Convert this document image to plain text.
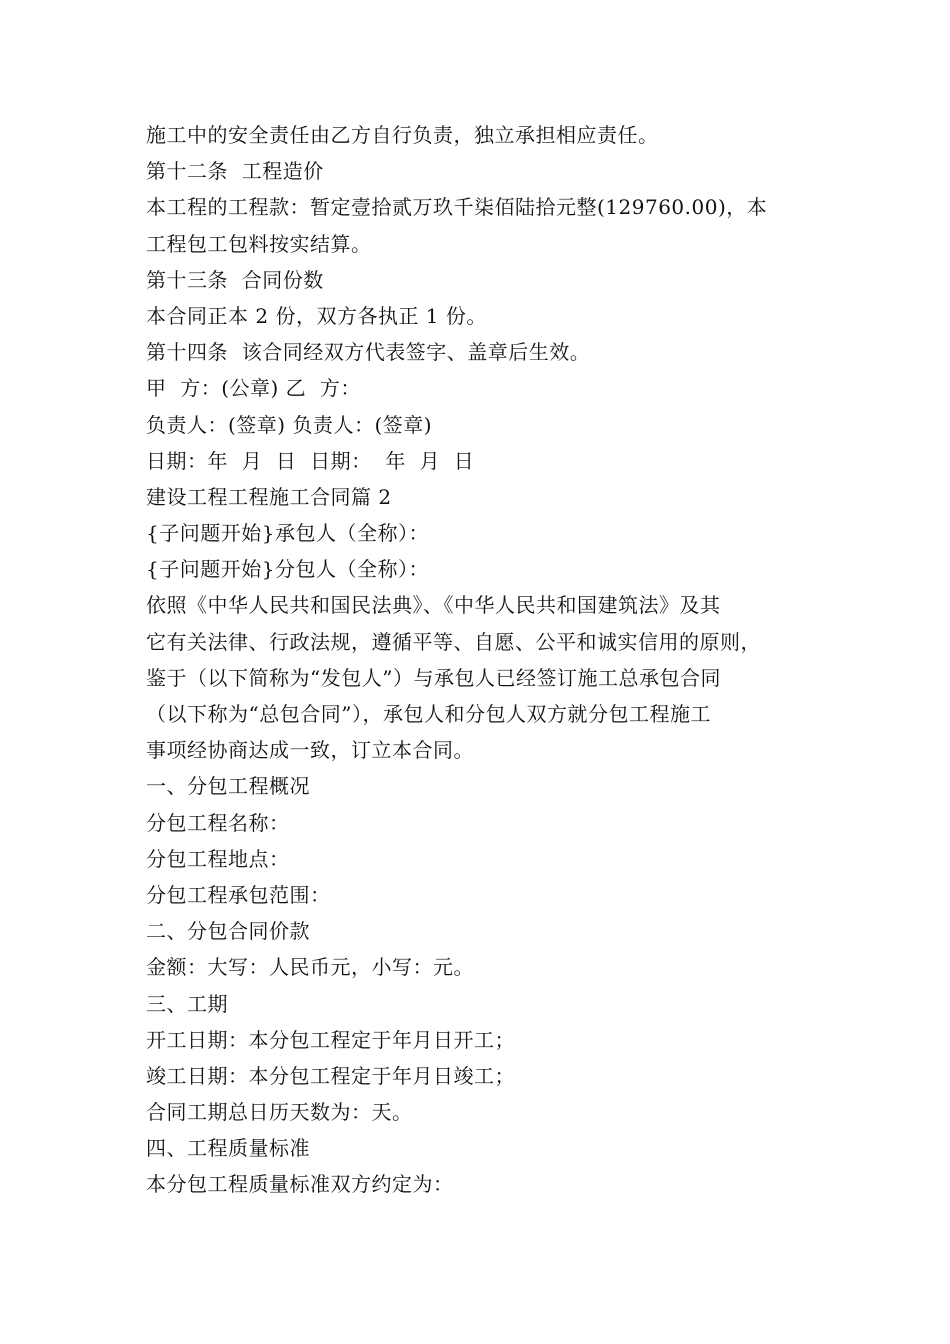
施工中的安全责任由乙方自行负责，独立承担相应责任。
第十二条  工程造价
本工程的工程款：暂定壹拾贰万玖千柒佰陆拾元整(129760.00)，本
工程包工包料按实结算。
第十三条  合同份数
本合同正本 2 份，双方各执正 1 份。
第十四条  该合同经双方代表签字、盖章后生效。
甲  方：(公章) 乙  方：
负责人：(签章) 负责人：(签章)
日期：年  月  日  日期：  年  月  日
建设工程工程施工合同篇 2
{子问题开始}承包人（全称）：
{子问题开始}分包人（全称）：
依照《中华人民共和国民法典》、《中华人民共和国建筑法》及其
它有关法律、行政法规，遵循平等、自愿、公平和诚实信用的原则，
鉴于（以下简称为“发包人”）与承包人已经签订施工总承包合同
（以下称为“总包合同”），承包人和分包人双方就分包工程施工
事项经协商达成一致，订立本合同。
一、分包工程概况
分包工程名称：
分包工程地点：
分包工程承包范围：
二、分包合同价款
金额：大写：人民币元，小写：元。
三、工期
开工日期：本分包工程定于年月日开工；
竣工日期：本分包工程定于年月日竣工；
合同工期总日历天数为：天。
四、工程质量标准
本分包工程质量标准双方约定为：
